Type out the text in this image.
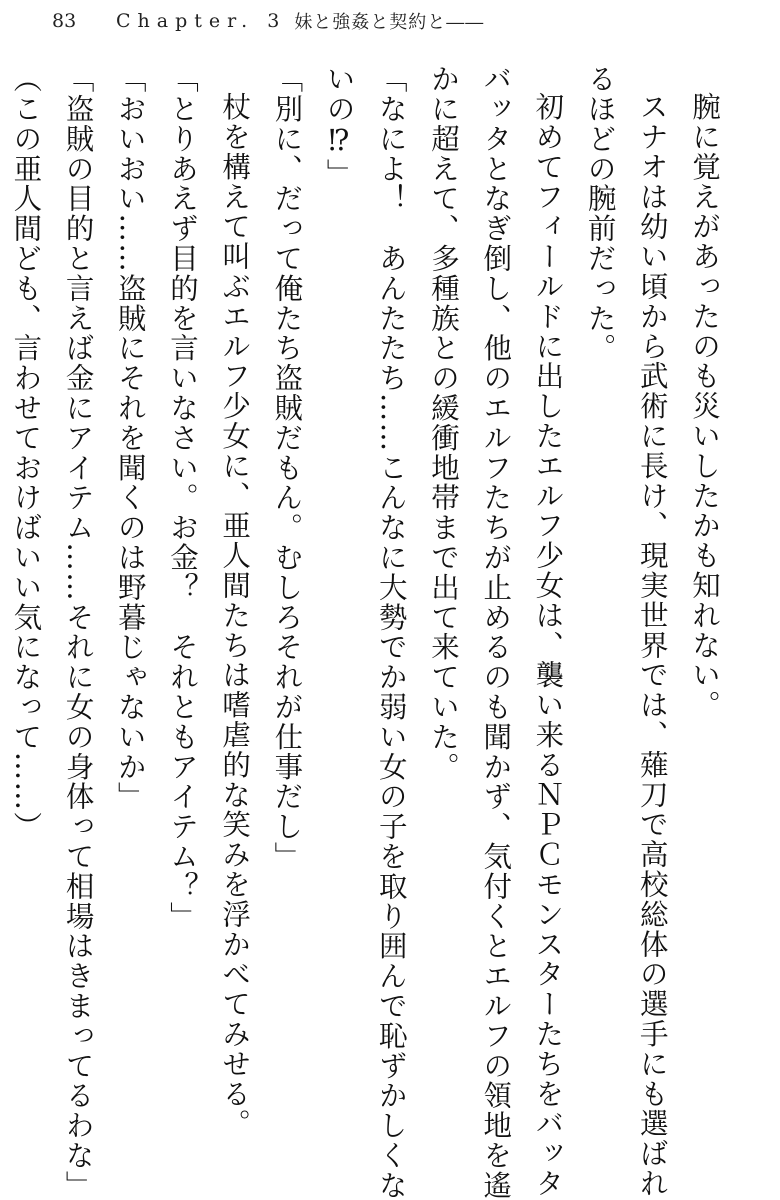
83	Chapter. 3 妹と強姦と契約と――
腕に覚えがあったのも災いしたかも知れない。
スナオは幼い頃から武術に長け、現実世界では、薙刀で高校総体の選手にも選ばれ
るほどの腕前だった。
初めてフィールドに出したエルフ少女は、襲い来るＮＰＣモンスターたちをバッタ
バッタとなぎ倒し、他のエルフたちが止めるのも聞かず、気付くとエルフの領地を遙
かに超えて、多種族との緩衝地帯まで出て来ていた。
「なによ！　あんたたち……こんなに大勢でか弱い女の子を取り囲んで恥ずかしくな
いの⁉」
「別に、だって俺たち盗賊だもん。むしろそれが仕事だし」
杖を構えて叫ぶエルフ少女に、亜人間たちは嗜虐的な笑みを浮かべてみせる。
「とりあえず目的を言いなさい。お金？　それともアイテム？」
「おいおい……盗賊にそれを聞くのは野暮じゃないか」
「盗賊の目的と言えば金にアイテム……それに女の身体って相場はきまってるわな」
（この亜人間ども、言わせておけばいい気になって……）
